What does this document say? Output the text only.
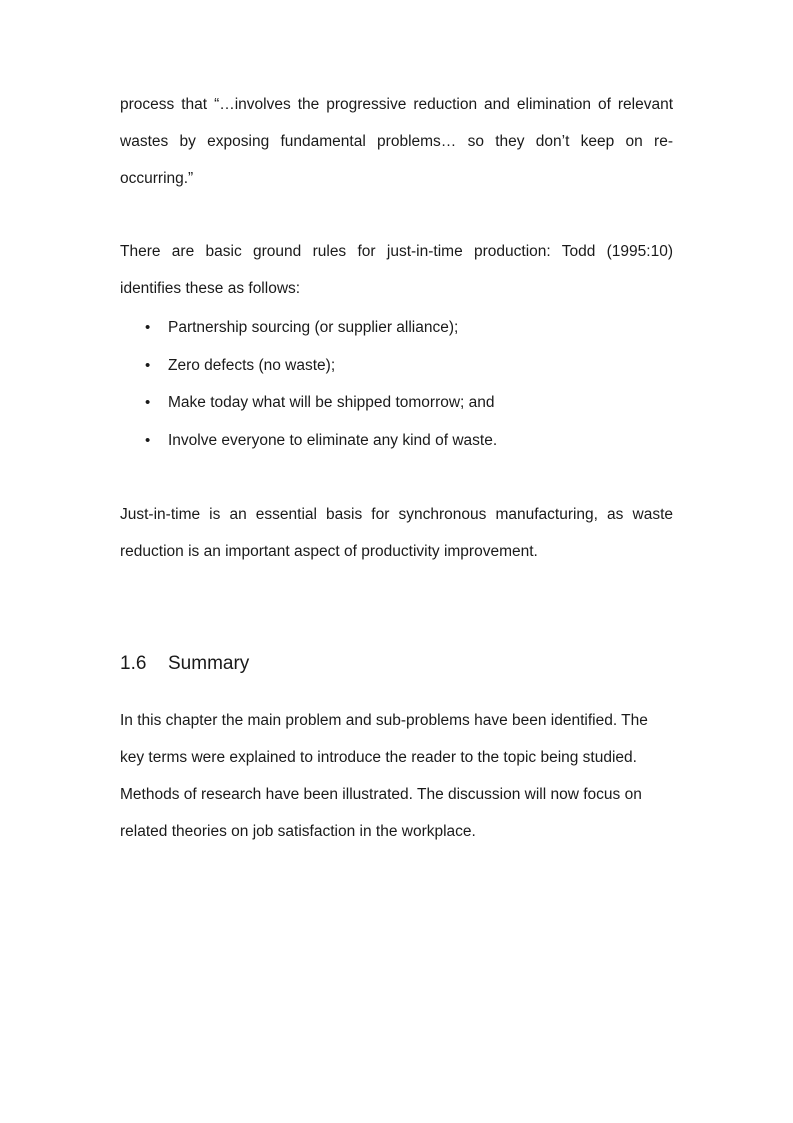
process that “…involves the progressive reduction and elimination of relevant wastes by exposing fundamental problems… so they don’t keep on re-occurring.”

There are basic ground rules for just-in-time production: Todd (1995:10) identifies these as follows:

• Partnership sourcing (or supplier alliance);
• Zero defects (no waste);
• Make today what will be shipped tomorrow; and
• Involve everyone to eliminate any kind of waste.

Just-in-time is an essential basis for synchronous manufacturing, as waste reduction is an important aspect of productivity improvement.

1.6	Summary
In this chapter the main problem and sub-problems have been identified. The
key terms were explained to introduce the reader to the topic being studied.
Methods of research have been illustrated. The discussion will now focus on
related theories on job satisfaction in the workplace.
